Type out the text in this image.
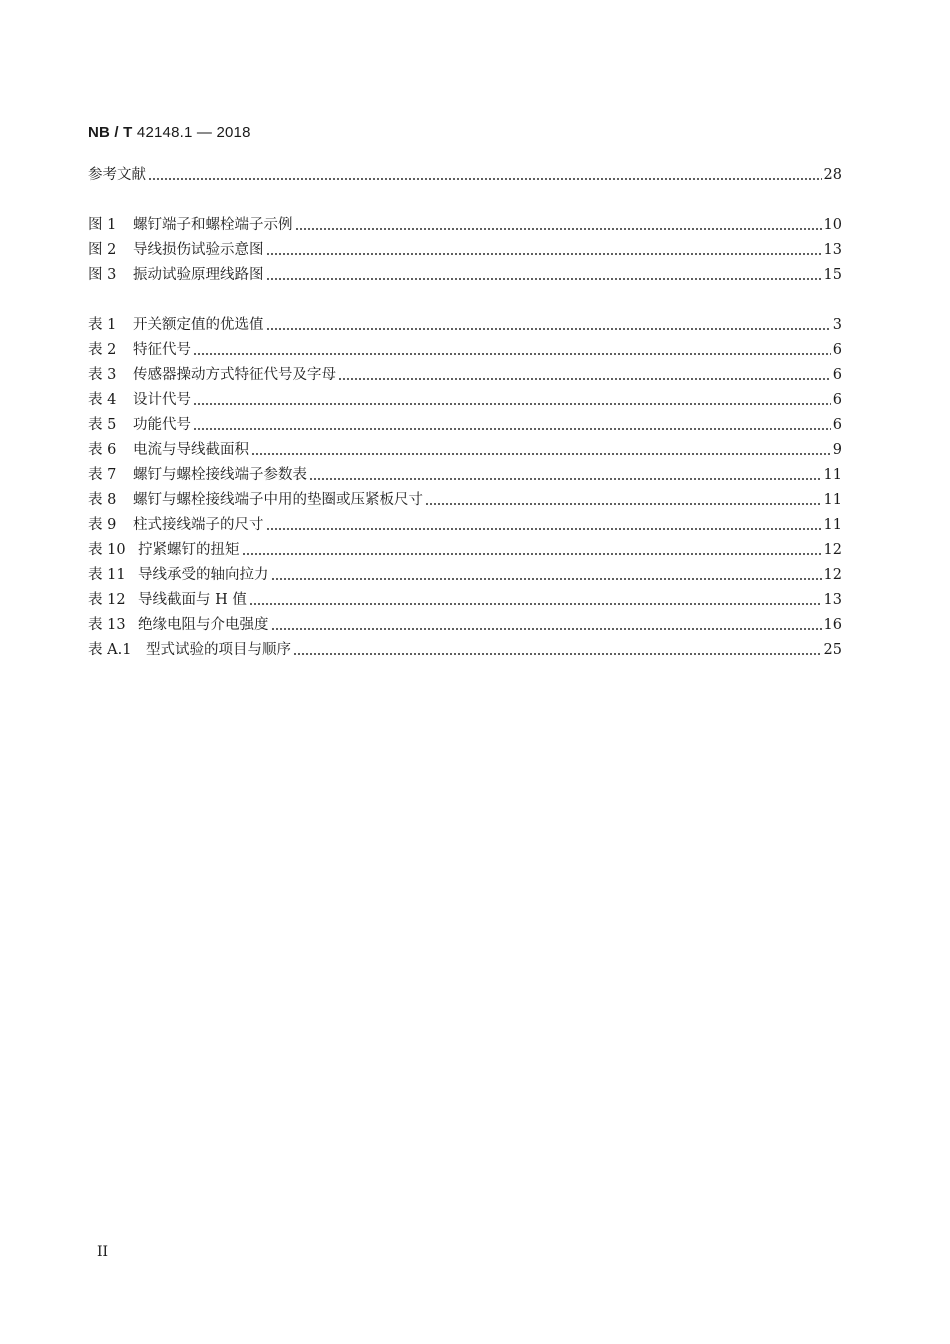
NB / T 42148.1 — 2018
参考文献	28
图 1	螺钉端子和螺栓端子示例	10
图 2	导线损伤试验示意图	13
图 3	振动试验原理线路图	15
表 1	开关额定值的优选值	3
表 2	特征代号	6
表 3	传感器操动方式特征代号及字母	6
表 4	设计代号	6
表 5	功能代号	6
表 6	电流与导线截面积	9
表 7	螺钉与螺栓接线端子参数表	11
表 8	螺钉与螺栓接线端子中用的垫圈或压紧板尺寸	11
表 9	柱式接线端子的尺寸	11
表 10 拧紧螺钉的扭矩	12
表 11 导线承受的轴向拉力	12
表 12 导线截面与 H 值	13
表 13 绝缘电阻与介电强度	16
表 A.1	型式试验的项目与顺序	25
II
